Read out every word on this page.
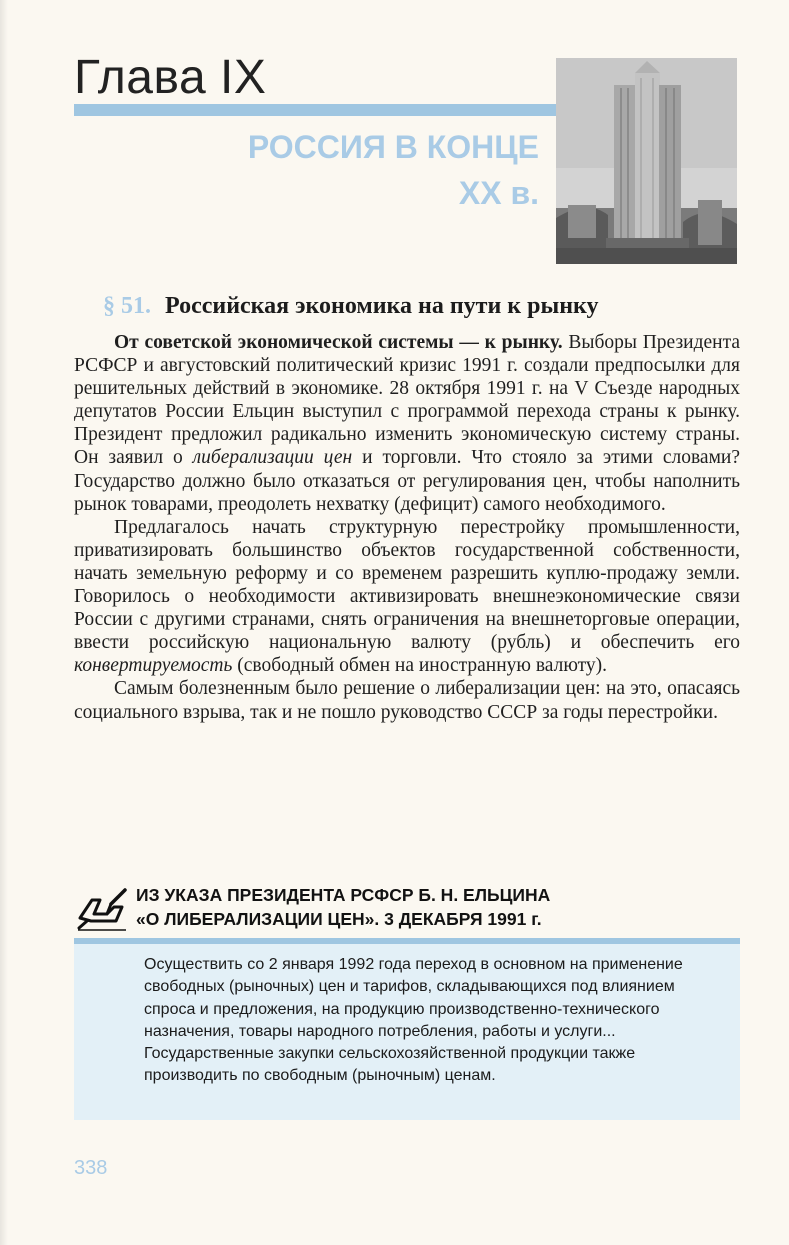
Глава IX
РОССИЯ В КОНЦЕ
XX в.
§ 51. Российская экономика на пути к рынку

От советской экономической системы — к рынку. Выборы Президента РСФСР и августовский политический кризис 1991 г. создали предпосылки для решительных действий в экономике. 28 октября 1991 г. на V Съезде народных депутатов России Ельцин выступил с программой перехода страны к рынку. Президент предложил радикально изменить экономическую систему страны. Он заявил о либерализации цен и торговли. Что стояло за этими словами? Государство должно было отказаться от регулирования цен, чтобы наполнить рынок товарами, преодолеть нехватку (дефицит) самого необходимого.

Предлагалось начать структурную перестройку промышленности, приватизировать большинство объектов государственной собственности, начать земельную реформу и со временем разрешить куплю-продажу земли. Говорилось о необходимости активизировать внешнеэкономические связи России с другими странами, снять ограничения на внешнеторговые операции, ввести российскую национальную валюту (рубль) и обеспечить его конвертируемость (свободный обмен на иностранную валюту).

Самым болезненным было решение о либерализации цен: на это, опасаясь социального взрыва, так и не пошло руководство СССР за годы перестройки.

ИЗ УКАЗА ПРЕЗИДЕНТА РСФСР Б. Н. ЕЛЬЦИНА
«О ЛИБЕРАЛИЗАЦИИ ЦЕН». 3 ДЕКАБРЯ 1991 г.
Осуществить со 2 января 1992 года переход в основном на применение свободных (рыночных) цен и тарифов, складывающихся под влиянием спроса и предложения, на продукцию производственно-технического назначения, товары народного потребления, работы и услуги... Государственные закупки сельскохозяйственной продукции также производить по свободным (рыночным) ценам.
338
